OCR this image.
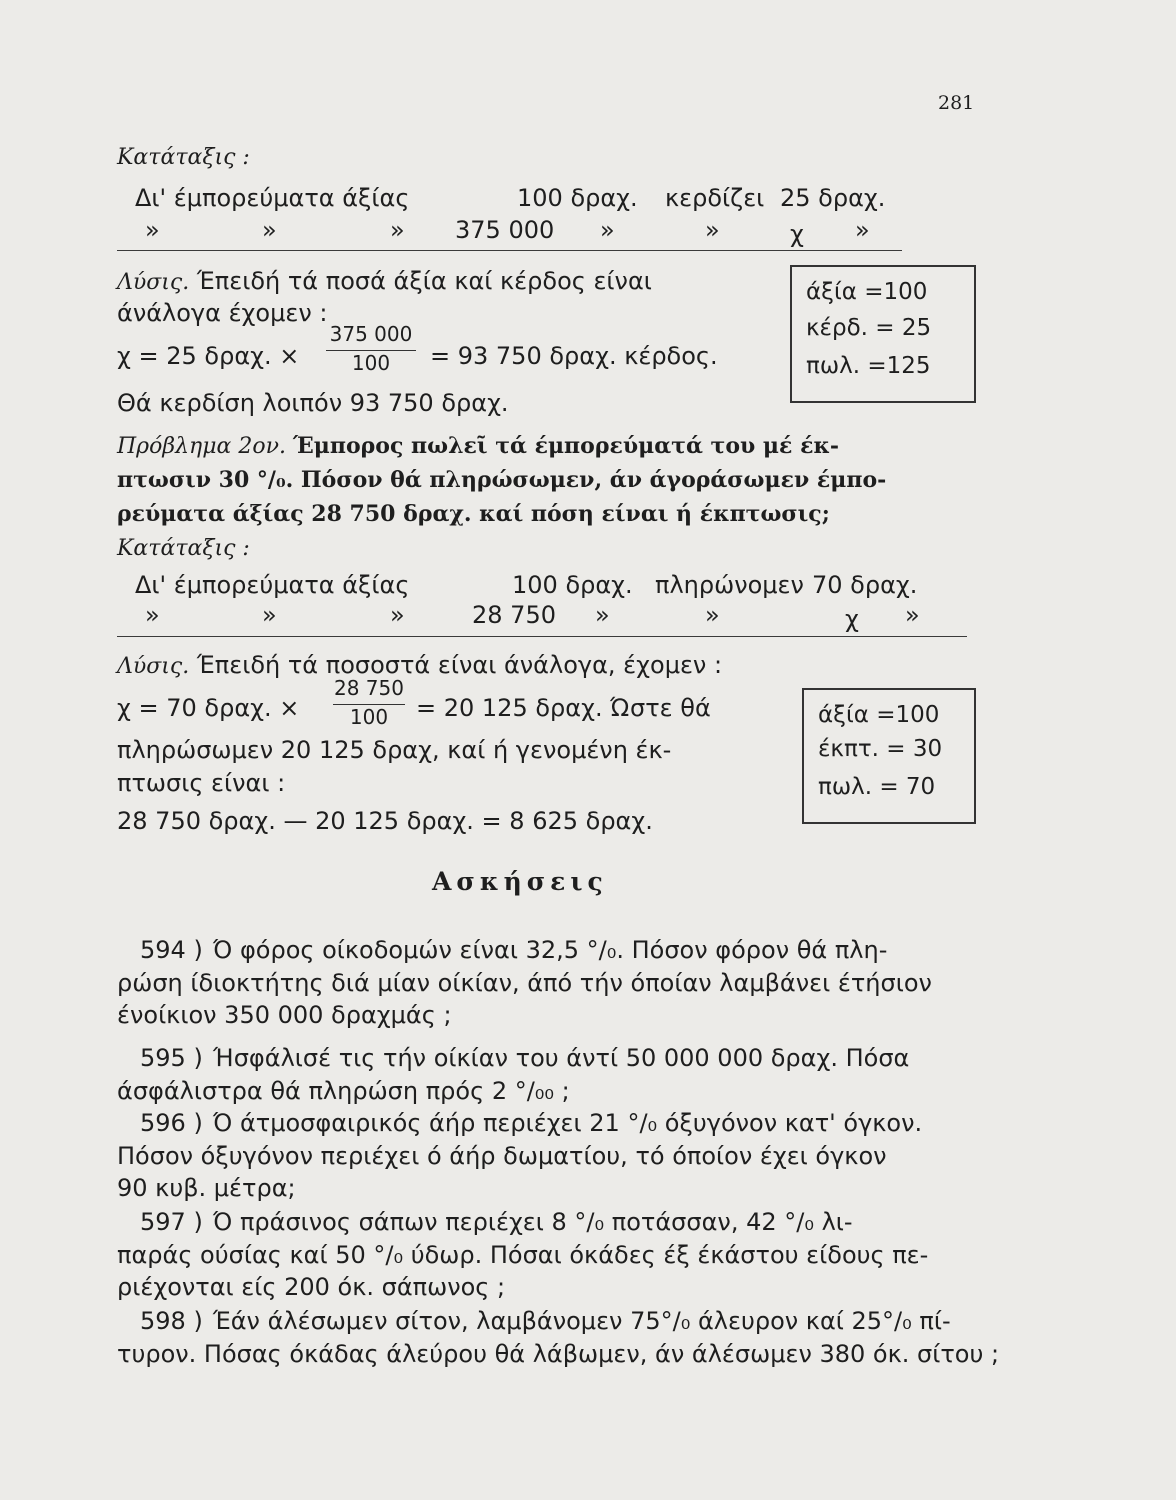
281
Κατάταξις :
Δι' έμπορεύματα άξίας	100 δραχ. κερδίζει 25 δραχ.
»	»	» 375 000 »	»	χ »
Λύσις. Έπειδή τά ποσά άξία καί κέρδος είναι
άνάλογα έχομεν :
χ = 25 δραχ. ×
375 000
100	= 93 750 δραχ. κέρδος.
Θά κερδίση λοιπόν 93 750 δραχ.
άξία =100
κέρδ. = 25
πωλ. =125
Πρόβλημα 2ον. Έμπορος πωλεῖ τά έμπορεύματά του μέ έκ-
πτωσιν 30 °/₀. Πόσον θά πληρώσωμεν, άν άγοράσωμεν έμπο-
ρεύματα άξίας 28 750 δραχ. καί πόση είναι ή έκπτωσις;
Κατάταξις :
Δι' έμπορεύματα άξίας	100 δραχ. πληρώνομεν 70 δραχ.
»	»	»	28 750 »	»	χ »
Λύσις. Έπειδή τά ποσοστά είναι άνάλογα, έχομεν :
χ = 70 δραχ. ×
28 750
100	= 20 125 δραχ. Ώστε θά
πληρώσωμεν 20 125 δραχ, καί ή γενομένη έκ-
πτωσις είναι :
28 750 δραχ. — 20 125 δραχ. = 8 625 δραχ.
άξία =100
έκπτ. = 30
πωλ. = 70
Ασκήσεις
594 ) Ό φόρος οίκοδομών είναι 32,5 °/₀. Πόσον φόρον θά πλη-
ρώση ίδιοκτήτης διά μίαν οίκίαν, άπό τήν όποίαν λαμβάνει έτήσιον
ένοίκιον 350 000 δραχμάς ;
595 ) Ήσφάλισέ τις τήν οίκίαν του άντί 50 000 000 δραχ. Πόσα
άσφάλιστρα θά πληρώση πρός 2 °/₀₀ ;
596 ) Ό άτμοσφαιρικός άήρ περιέχει 21 °/₀ όξυγόνον κατ' όγκον.
Πόσον όξυγόνον περιέχει ό άήρ δωματίου, τό όποίον έχει όγκον
90 κυβ. μέτρα;
597 ) Ό πράσινος σάπων περιέχει 8 °/₀ ποτάσσαν, 42 °/₀ λι-
παράς ούσίας καί 50 °/₀ ύδωρ. Πόσαι όκάδες έξ έκάστου είδους πε-
ριέχονται είς 200 όκ. σάπωνος ;
598 ) Έάν άλέσωμεν σίτον, λαμβάνομεν 75°/₀ άλευρον καί 25°/₀ πί-
τυρον. Πόσας όκάδας άλεύρου θά λάβωμεν, άν άλέσωμεν 380 όκ. σίτου ;
